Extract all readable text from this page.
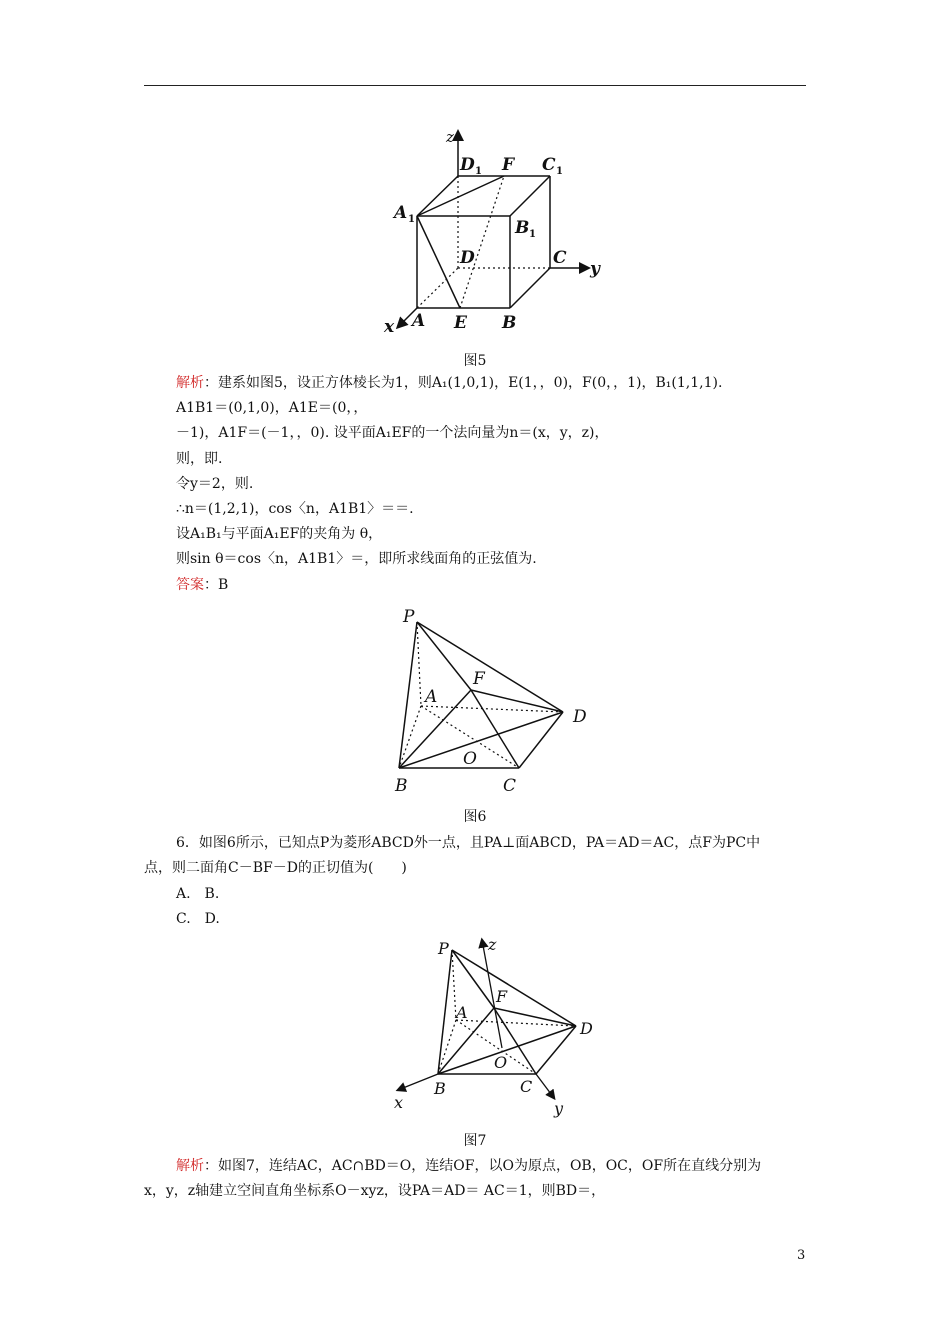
z
y
x
D 1 F C 1
A 1	B 1
D	C
A E B
图5
解析：建系如图5，设正方体棱长为1，则A₁(1,0,1)，E(1，，0)，F(0，，1)，B₁(1,1,1).
A1B1＝(0,1,0)，A1E＝(0，，
－1)，A1F＝(－1，，0). 设平面A₁EF的一个法向量为n＝(x，y，z)，
则，即.
令y＝2，则.
∴n＝(1,2,1)，cos〈n，A1B1〉＝＝.
设A₁B₁与平面A₁EF的夹角为 θ，
则sin θ＝cos〈n，A1B1〉＝，即所求线面角的正弦值为.
答案：B
P
A
F
D
O
B	C
图6
6．如图6所示，已知点P为菱形ABCD外一点，且PA⊥面ABCD，PA＝AD＝AC，点F为PC中
点，则二面角C－BF－D的正切值为(　　)
A.　B.
C.　D.
P z
F
A
D
O
B	C
x	y
图7
解析：如图7，连结AC，AC∩BD＝O，连结OF，以O为原点，OB，OC，OF所在直线分别为
x，y，z轴建立空间直角坐标系O－xyz，设PA＝AD＝ AC＝1，则BD＝，
3
